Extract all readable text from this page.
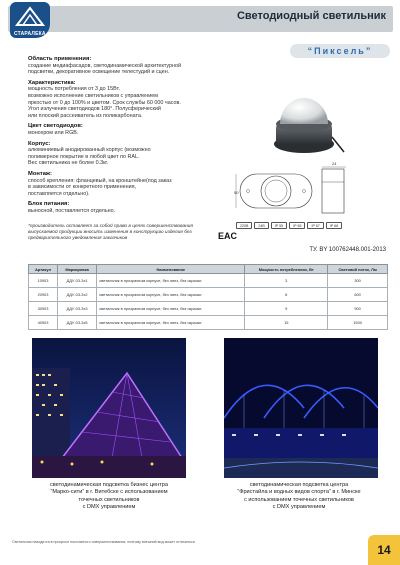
СТАРАЛЕКА
Светодиодный светильник
“Пиксель”
Область применения:
создание медиафасадов, светодинамической архитектурной
подсветки, декоративное освещение телестудий и сцен.
Характеристика:
мощность потребления от 3 до 15Вт.
возможно исполнение светильников с управлением
яркостью от 0 до 100% и цветом. Срок службы 60 000 часов.
Угол излучения светодиодов 180°. Полусферический
или плоский рассеиватель из поликарбоната.
Цвет светодиодов:
монохром или RGB.
Корпус:
алюминиевый анодированный корпус (возможно
полимерное покрытие в любой цвет по RAL.
Вес светильника не более 0.3кг.
Монтаж:
способ крепления: фланцевый, на кронштейне(под заказ
в зависимости от конкретного применения,
поставляется отдельно).
Блок питания:
выносной, поставляется отдельно.
24
50
220В	24В	IP 55	IP 65	IP 67	IP 68
EAC
ТУ. BY 100762448.001-2013
*производитель оставляет за собой право в целях совершенствования выпускаемой продукции вносить изменения в конструкцию изделия без предварительного уведомления заказчиков
Артикул	Маркировка	Наименование	Мощность потреблениях, Вт	Световой поток, Лм
10903	ДДУ-03-3х1	светильник в прозрачном корпусе, без линз, без окраски	3	300
20903	ДДУ-03-3х2	светильник в прозрачном корпусе, без линз, без окраски	6	600
30903	ДДУ-03-3х3	светильник в прозрачном корпусе, без линз, без окраски	9	900
40903	ДДУ-03-3х5	светильник в прозрачном корпусе, без линз, без окраски	15	1500
светодинамическая подсветка бизнес центра
“Марко-сити” в г. Витебске с использованием
точечных светильников
с DMX управлением
светодинамическая подсветка центра
“Фристайла и водных видов спорта” в г. Минске
с использованием точечных светильников
с DMX управлением
Светильник находится в процессе постоянного совершенствования, поэтому внешний вид может отличаться
14
